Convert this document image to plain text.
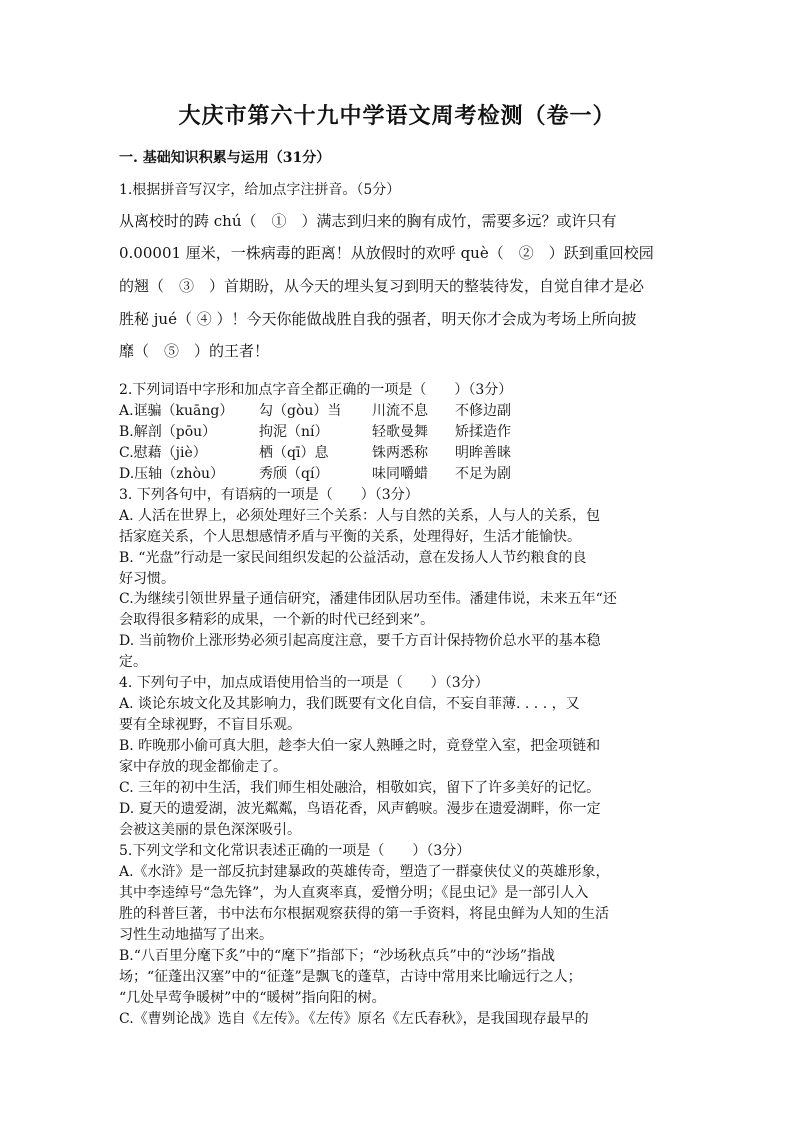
大庆市第六十九中学语文周考检测（卷一）
一. 基础知识积累与运用（31分）
1.根据拼音写汉字，给加点字注拼音。（5分）
从离校时的踌 chú（　①　）满志到归来的胸有成竹，需要多远？或许只有
0.00001 厘米，一株病毒的距离！从放假时的欢呼 què（　②　）跃到重回校园
的翘（　③　）首期盼，从今天的埋头复习到明天的整装待发，自觉自律才是必
胜秘 jué（ ④ ）！今天你能做战胜自我的强者，明天你才会成为考场上所向披
靡（　⑤　）的王者！
2.下列词语中字形和加点字音全都正确的一项是（　　）（3分）
A.诓骗（kuāng） 勾（gòu）当 川流不息 不修边副
B.解剖（pōu）	拘泥（ní）	轻歌曼舞 矫揉造作
C.慰藉（jiè）	栖（qī）息	铢两悉称 明眸善睐
D.压轴（zhòu） 秀颀（qí）	味同嚼蜡 不足为剧
3. 下列各句中，有语病的一项是（　　）（3分）
A. 人活在世界上，必须处理好三个关系：人与自然的关系，人与人的关系，包
括家庭关系，个人思想感情矛盾与平衡的关系，处理得好，生活才能愉快。
B. “光盘”行动是一家民间组织发起的公益活动，意在发扬人人节约粮食的良
好习惯。
C.为继续引领世界量子通信研究，潘建伟团队居功至伟。潘建伟说，未来五年“还
会取得很多精彩的成果，一个新的时代已经到来”。
D. 当前物价上涨形势必须引起高度注意，要千方百计保持物价总水平的基本稳
定。
4. 下列句子中，加点成语使用恰当的一项是（　　）（3分）
A. 谈论东坡文化及其影响力，我们既要有文化自信，不妄自菲薄. . . . ，又
要有全球视野，不盲目乐观。
B. 昨晚那小偷可真大胆，趁李大伯一家人熟睡之时，竟登堂入室，把金项链和
家中存放的现金都偷走了。
C. 三年的初中生活，我们师生相处融洽，相敬如宾，留下了许多美好的记忆。
D. 夏天的遗爱湖，波光粼粼，鸟语花香，风声鹤唳。漫步在遗爱湖畔，你一定
会被这美丽的景色深深吸引。
5.下列文学和文化常识表述正确的一项是（　　）（3分）
A.《水浒》是一部反抗封建暴政的英雄传奇，塑造了一群豪侠仗义的英雄形象，
其中李逵绰号“急先锋”，为人直爽率真，爱憎分明；《昆虫记》是一部引人入
胜的科普巨著，书中法布尔根据观察获得的第一手资料，将昆虫鲜为人知的生活
习性生动地描写了出来。
B.“八百里分麾下炙”中的“麾下”指部下；“沙场秋点兵”中的“沙场”指战
场；“征蓬出汉塞”中的“征蓬”是飘飞的蓬草，古诗中常用来比喻远行之人；
“几处早莺争暖树”中的“暖树”指向阳的树。
C.《曹刿论战》选自《左传》。《左传》原名《左氏春秋》，是我国现存最早的
